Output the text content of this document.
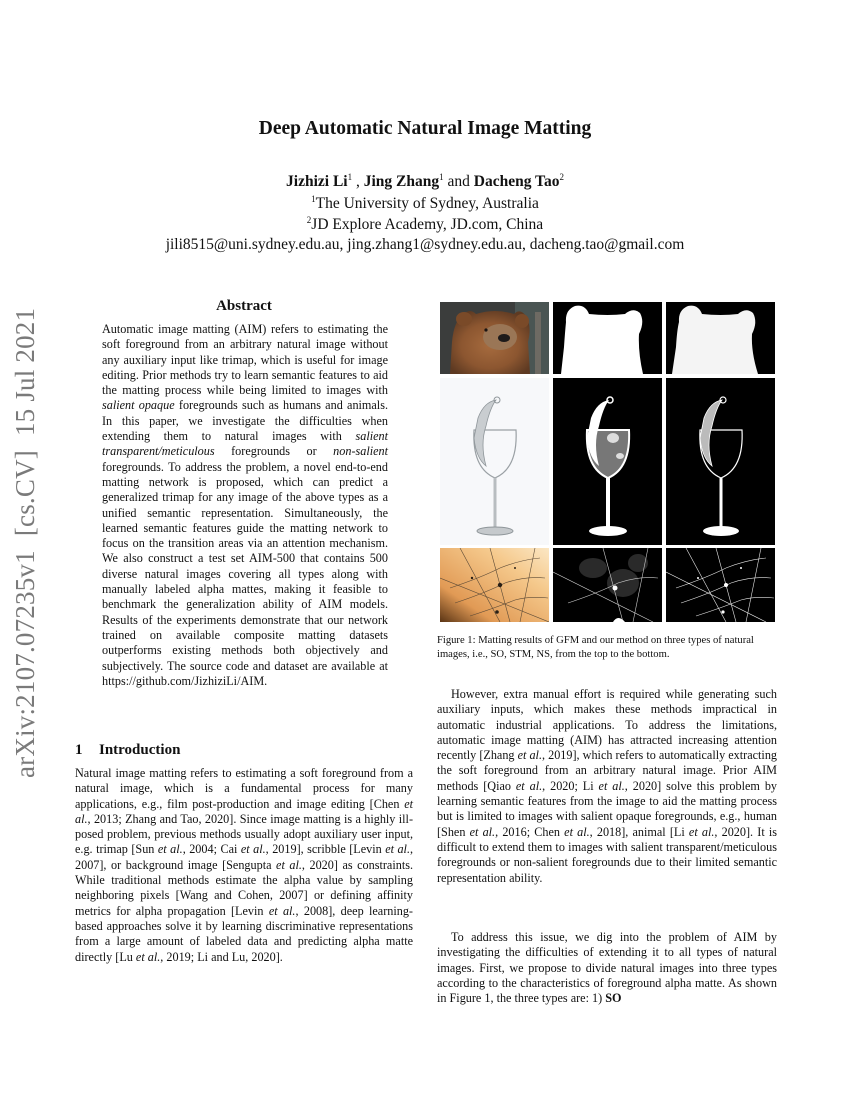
Deep Automatic Natural Image Matting
Jizhizi Li$^1$ , Jing Zhang$^1$ and Dacheng Tao$^2$
$^1$The University of Sydney, Australia
$^2$JD Explore Academy, JD.com, China
jili8515@uni.sydney.edu.au, jing.zhang1@sydney.edu.au, dacheng.tao@gmail.com
arXiv:2107.07235v1[cs.CV]15 Jul 2021
Abstract
Automatic image matting (AIM) refers to estimating the soft foreground from an arbitrary natural image without any auxiliary input like trimap, which is useful for image editing. Prior methods try to learn semantic features to aid the matting process while being limited to images with salient opaque foregrounds such as humans and animals. In this paper, we investigate the difficulties when extending them to natural images with salient transparent/meticulous foregrounds or non-salient foregrounds. To address the problem, a novel end-to-end matting network is proposed, which can predict a generalized trimap for any image of the above types as a unified semantic representation. Simultaneously, the learned semantic features guide the matting network to focus on the transition areas via an attention mechanism. We also construct a test set AIM-500 that contains 500 diverse natural images covering all types along with manually labeled alpha mattes, making it feasible to benchmark the generalization ability of AIM models. Results of the experiments demonstrate that our network trained on available composite matting datasets outperforms existing methods both objectively and subjectively. The source code and dataset are available at https://github.com/JizhiziLi/AIM.
1 Introduction
Natural image matting refers to estimating a soft foreground from a natural image, which is a fundamental process for many applications, e.g., film post-production and image editing [Chen et al., 2013; Zhang and Tao, 2020]. Since image matting is a highly ill-posed problem, previous methods usually adopt auxiliary user input, e.g. trimap [Sun et al., 2004; Cai et al., 2019], scribble [Levin et al., 2007], or background image [Sengupta et al., 2020] as constraints. While traditional methods estimate the alpha value by sampling neighboring pixels [Wang and Cohen, 2007] or defining affinity metrics for alpha propagation [Levin et al., 2008], deep learning-based approaches solve it by learning discriminative representations from a large amount of labeled data and predicting alpha matte directly [Lu et al., 2019; Li and Lu, 2020].
Figure 1: Matting results of GFM and our method on three types of natural images, i.e., SO, STM, NS, from the top to the bottom.
However, extra manual effort is required while generating such auxiliary inputs, which makes these methods impractical in automatic industrial applications. To address the limitations, automatic image matting (AIM) has attracted increasing attention recently [Zhang et al., 2019], which refers to automatically extracting the soft foreground from an arbitrary natural image. Prior AIM methods [Qiao et al., 2020; Li et al., 2020] solve this problem by learning semantic features from the image to aid the matting process but is limited to images with salient opaque foregrounds, e.g., human [Shen et al., 2016; Chen et al., 2018], animal [Li et al., 2020]. It is difficult to extend them to images with salient transparent/meticulous foregrounds or non-salient foregrounds due to their limited semantic representation ability.
To address this issue, we dig into the problem of AIM by investigating the difficulties of extending it to all types of natural images. First, we propose to divide natural images into three types according to the characteristics of foreground alpha matte. As shown in Figure 1, the three types are: 1) SO
